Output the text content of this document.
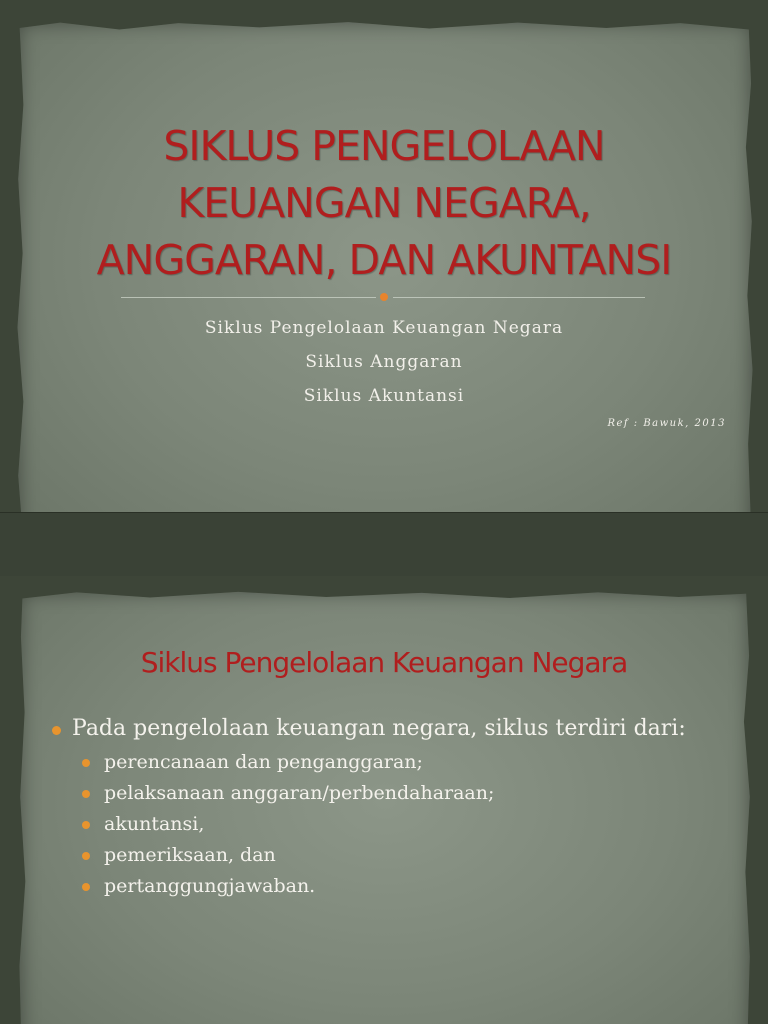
SIKLUS PENGELOLAAN
KEUANGAN NEGARA,
ANGGARAN, DAN AKUNTANSI
Siklus Pengelolaan Keuangan Negara
Siklus Anggaran
Siklus Akuntansi
Ref : Bawuk, 2013
Siklus Pengelolaan Keuangan Negara
Pada pengelolaan keuangan negara, siklus terdiri dari:
perencanaan dan penganggaran;
pelaksanaan anggaran/perbendaharaan;
akuntansi,
pemeriksaan, dan
pertanggungjawaban.
